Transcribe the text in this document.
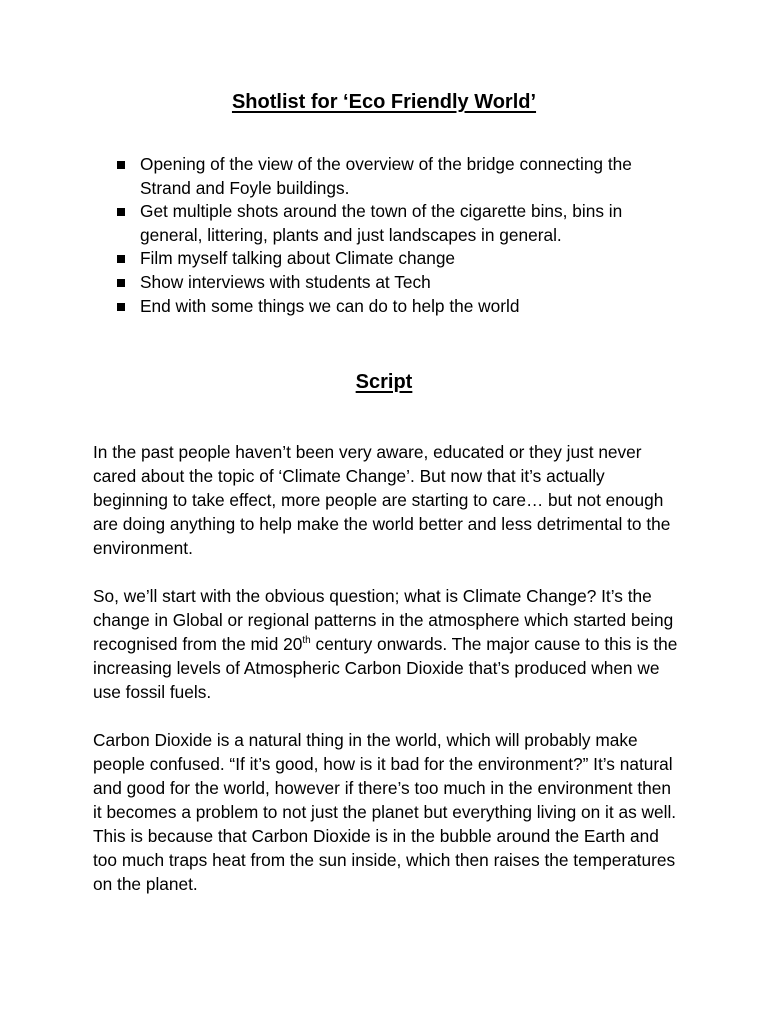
Shotlist for ‘Eco Friendly World’
Opening of the view of the overview of the bridge connecting the Strand and Foyle buildings.
Get multiple shots around the town of the cigarette bins, bins in general, littering, plants and just landscapes in general.
Film myself talking about Climate change
Show interviews with students at Tech
End with some things we can do to help the world
Script

In the past people haven’t been very aware, educated or they just never cared about the topic of ‘Climate Change’. But now that it’s actually beginning to take effect, more people are starting to care… but not enough are doing anything to help make the world better and less detrimental to the environment.

So, we’ll start with the obvious question; what is Climate Change? It’s the change in Global or regional patterns in the atmosphere which started being recognised from the mid 20th century onwards. The major cause to this is the increasing levels of Atmospheric Carbon Dioxide that’s produced when we use fossil fuels.

Carbon Dioxide is a natural thing in the world, which will probably make people confused. “If it’s good, how is it bad for the environment?” It’s natural and good for the world, however if there’s too much in the environment then it becomes a problem to not just the planet but everything living on it as well. This is because that Carbon Dioxide is in the bubble around the Earth and too much traps heat from the sun inside, which then raises the temperatures on the planet.
